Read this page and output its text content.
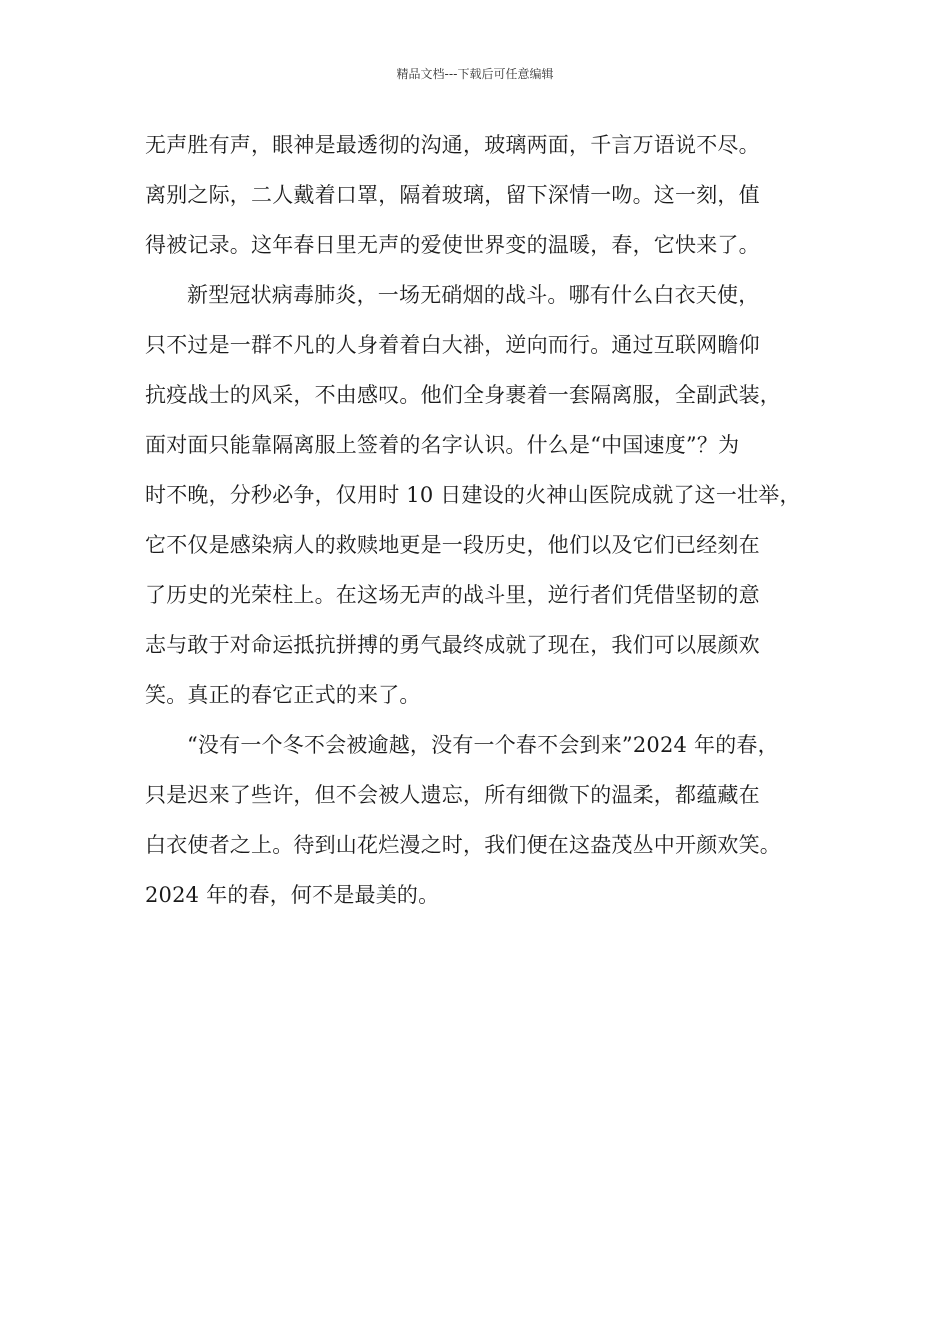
精品文档---下载后可任意编辑
无声胜有声，眼神是最透彻的沟通，玻璃两面，千言万语说不尽。
离别之际，二人戴着口罩，隔着玻璃，留下深情一吻。这一刻，值
得被记录。这年春日里无声的爱使世界变的温暖，春，它快来了。
新型冠状病毒肺炎，一场无硝烟的战斗。哪有什么白衣天使，
只不过是一群不凡的人身着着白大褂，逆向而行。通过互联网瞻仰
抗疫战士的风采，不由感叹。他们全身裹着一套隔离服，全副武装，
面对面只能靠隔离服上签着的名字认识。什么是“中国速度”？为
时不晚，分秒必争，仅用时 10 日建设的火神山医院成就了这一壮举，
它不仅是感染病人的救赎地更是一段历史，他们以及它们已经刻在
了历史的光荣柱上。在这场无声的战斗里，逆行者们凭借坚韧的意
志与敢于对命运抵抗拼搏的勇气最终成就了现在，我们可以展颜欢
笑。真正的春它正式的来了。
“没有一个冬不会被逾越，没有一个春不会到来”2024 年的春，
只是迟来了些许，但不会被人遗忘，所有细微下的温柔，都蕴藏在
白衣使者之上。待到山花烂漫之时，我们便在这盎茂丛中开颜欢笑。
2024 年的春，何不是最美的。
